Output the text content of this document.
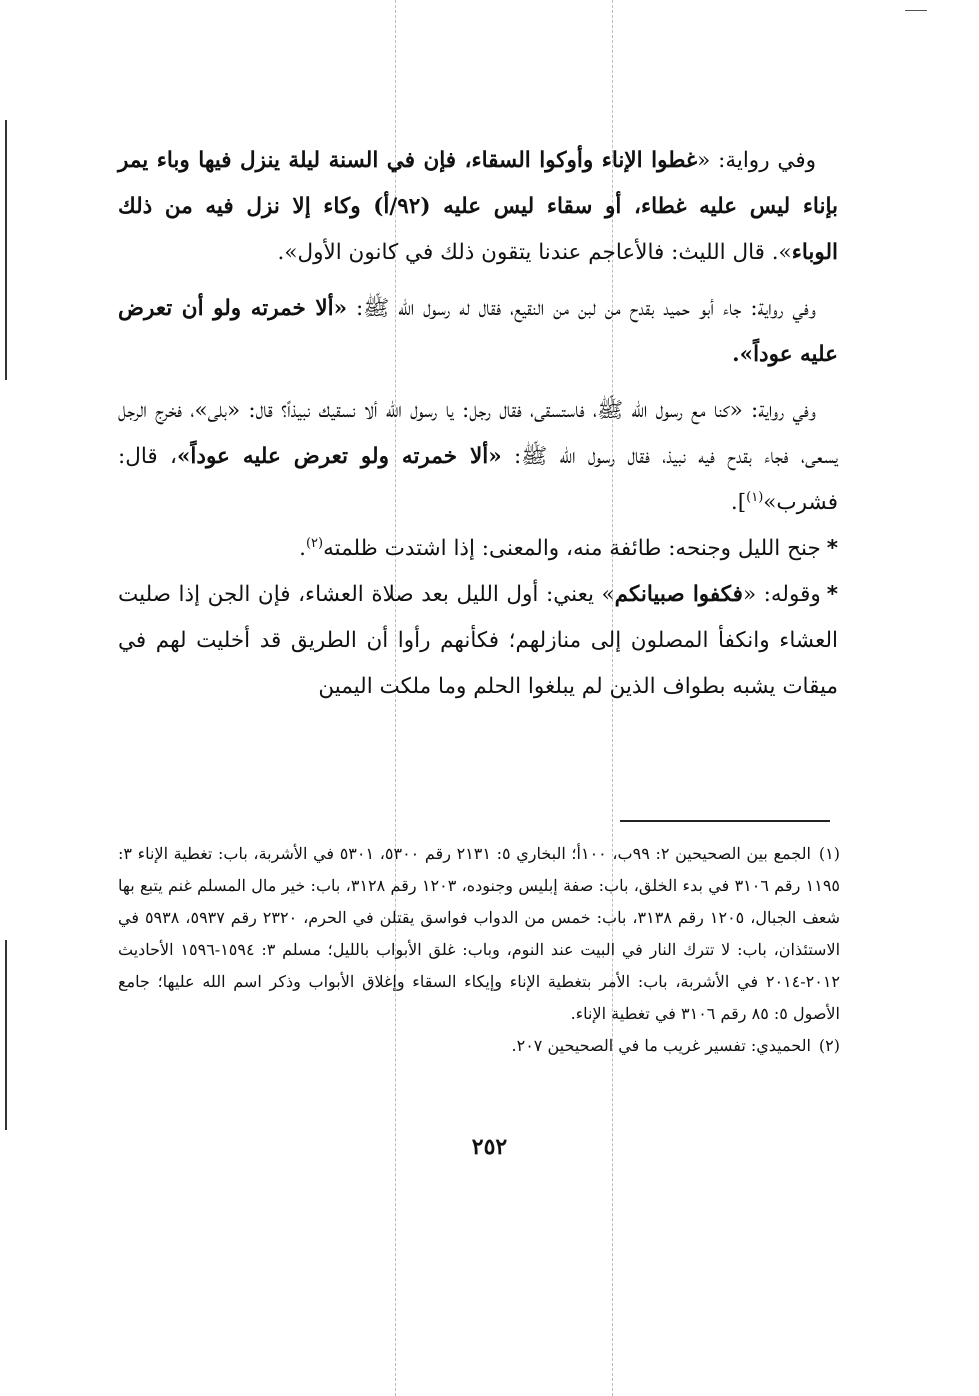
وفي رواية: «غطوا الإناء وأوكوا السقاء، فإن في السنة ليلة ينزل فيها وباء يمر بإناء ليس عليه غطاء، أو سقاء ليس عليه (٩٢/أ) وكاء إلا نزل فيه من ذلك الوباء». قال الليث: فالأعاجم عندنا يتقون ذلك في كانون الأول».

وفي رواية: جاء أبو حميد بقدح من لبن من النقيع، فقال له رسول الله ﷺ: «ألا خمرته ولو أن تعرض عليه عوداً».

وفي رواية: «كنا مع رسول الله ﷺ، فاستسقى، فقال رجل: يا رسول الله ألا نسقيك نبيذاً؟ قال: «بلى»، فخرج الرجل يسعى، فجاء بقدح فيه نبيذ، فقال رسول الله ﷺ: «ألا خمرته ولو تعرض عليه عوداً»، قال: فشرب»$^{(١)}$].

*جنح الليل وجنحه: طائفة منه، والمعنى: إذا اشتدت ظلمته$^{(٢)}$.

*وقوله: «فكفوا صبيانكم» يعني: أول الليل بعد صلاة العشاء، فإن الجن إذا صليت العشاء وانكفأ المصلون إلى منازلهم؛ فكأنهم رأوا أن الطريق قد أخليت لهم في ميقات يشبه بطواف الذين لم يبلغوا الحلم وما ملكت اليمين

(١)الجمع بين الصحيحين ٢: ٩٩ب، ١٠٠أ؛ البخاري ٥: ٢١٣١ رقم ٥٣٠٠، ٥٣٠١ في الأشربة، باب: تغطية الإناء ٣: ١١٩٥ رقم ٣١٠٦ في بدء الخلق، باب: صفة إبليس وجنوده، ١٢٠٣ رقم ٣١٢٨، باب: خير مال المسلم غنم يتبع بها شعف الجبال، ١٢٠٥ رقم ٣١٣٨، باب: خمس من الدواب فواسق يقتلن في الحرم، ٢٣٢٠ رقم ٥٩٣٧، ٥٩٣٨ في الاستئذان، باب: لا تترك النار في البيت عند النوم، وباب: غلق الأبواب بالليل؛ مسلم ٣: ١٥٩٤-١٥٩٦ الأحاديث ٢٠١٢-٢٠١٤ في الأشربة، باب: الأمر بتغطية الإناء وإيكاء السقاء وإغلاق الأبواب وذكر اسم الله عليها؛ جامع الأصول ٥: ٨٥ رقم ٣١٠٦ في تغطية الإناء.

(٢)الحميدي: تفسير غريب ما في الصحيحين ٢٠٧.

٢٥٢
